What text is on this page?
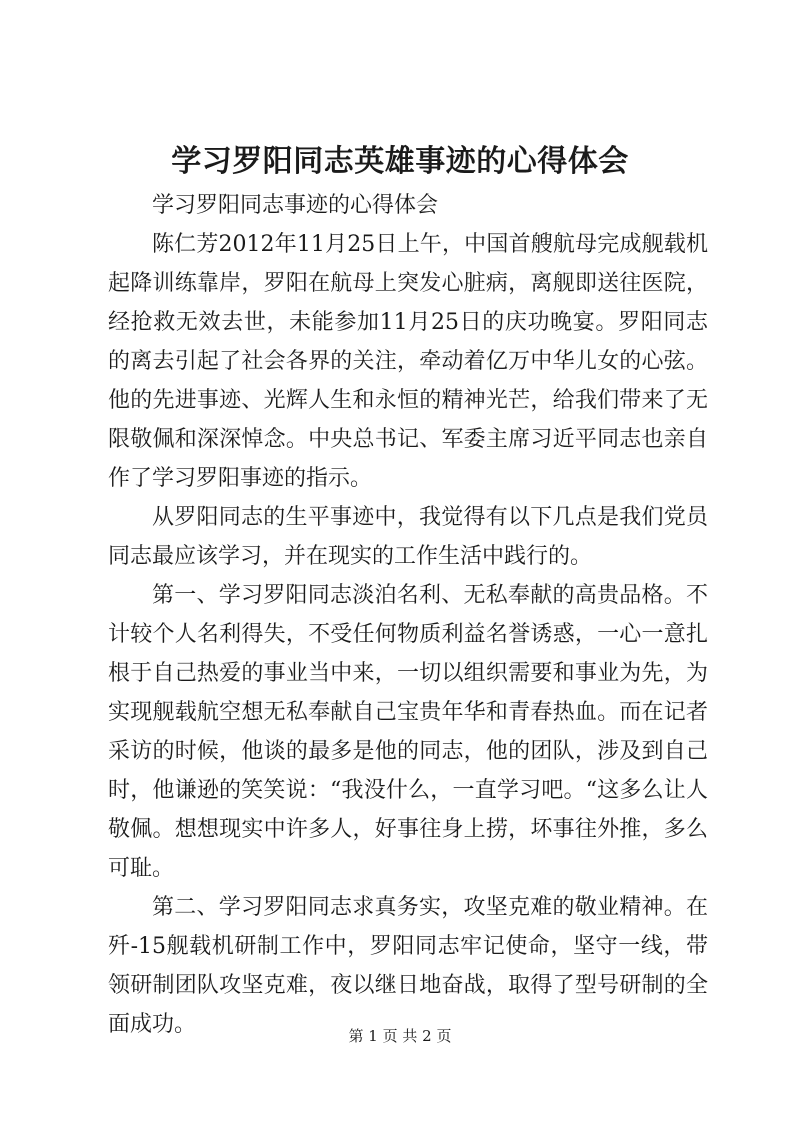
学习罗阳同志英雄事迹的心得体会

学习罗阳同志事迹的心得体会

陈仁芳2012年11月25日上午，中国首艘航母完成舰载机起降训练靠岸，罗阳在航母上突发心脏病，离舰即送往医院，经抢救无效去世，未能参加11月25日的庆功晚宴。罗阳同志的离去引起了社会各界的关注，牵动着亿万中华儿女的心弦。他的先进事迹、光辉人生和永恒的精神光芒，给我们带来了无限敬佩和深深悼念。中央总书记、军委主席习近平同志也亲自作了学习罗阳事迹的指示。

从罗阳同志的生平事迹中，我觉得有以下几点是我们党员同志最应该学习，并在现实的工作生活中践行的。

第一、学习罗阳同志淡泊名利、无私奉献的高贵品格。不计较个人名利得失，不受任何物质利益名誉诱惑，一心一意扎根于自己热爱的事业当中来，一切以组织需要和事业为先，为实现舰载航空想无私奉献自己宝贵年华和青春热血。而在记者采访的时候，他谈的最多是他的同志，他的团队，涉及到自己时，他谦逊的笑笑说：“我没什么，一直学习吧。“这多么让人敬佩。想想现实中许多人，好事往身上捞，坏事往外推，多么可耻。

第二、学习罗阳同志求真务实，攻坚克难的敬业精神。在歼-15舰载机研制工作中，罗阳同志牢记使命，坚守一线，带领研制团队攻坚克难，夜以继日地奋战，取得了型号研制的全面成功。	第 1 页 共 2 页
